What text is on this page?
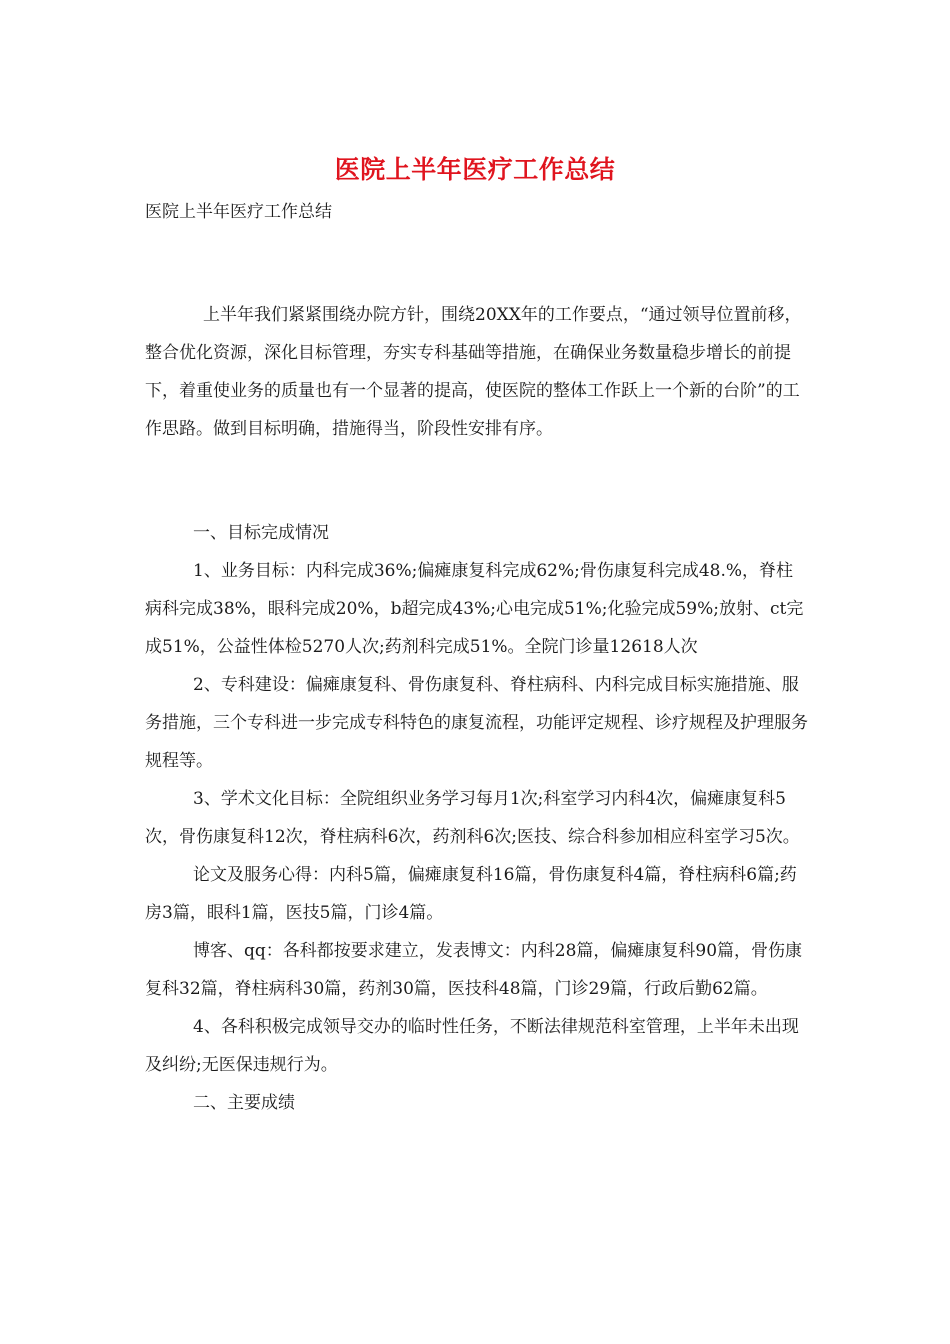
医院上半年医疗工作总结
医院上半年医疗工作总结

上半年我们紧紧围绕办院方针，围绕20XX年的工作要点，“通过领导位置前移，整合优化资源，深化目标管理，夯实专科基础等措施，在确保业务数量稳步增长的前提下，着重使业务的质量也有一个显著的提高，使医院的整体工作跃上一个新的台阶”的工作思路。做到目标明确，措施得当，阶段性安排有序。

一、目标完成情况

1、业务目标：内科完成36%;偏瘫康复科完成62%;骨伤康复科完成48.%，脊柱病科完成38%，眼科完成20%，b超完成43%;心电完成51%;化验完成59%;放射、ct完成51%，公益性体检5270人次;药剂科完成51%。全院门诊量12618人次

2、专科建设：偏瘫康复科、骨伤康复科、脊柱病科、内科完成目标实施措施、服务措施，三个专科进一步完成专科特色的康复流程，功能评定规程、诊疗规程及护理服务规程等。

3、学术文化目标：全院组织业务学习每月1次;科室学习内科4次，偏瘫康复科5次，骨伤康复科12次，脊柱病科6次，药剂科6次;医技、综合科参加相应科室学习5次。

论文及服务心得：内科5篇，偏瘫康复科16篇，骨伤康复科4篇，脊柱病科6篇;药房3篇，眼科1篇，医技5篇，门诊4篇。

博客、qq：各科都按要求建立，发表博文：内科28篇，偏瘫康复科90篇，骨伤康复科32篇，脊柱病科30篇，药剂30篇，医技科48篇，门诊29篇，行政后勤62篇。

4、各科积极完成领导交办的临时性任务，不断法律规范科室管理，上半年未出现及纠纷;无医保违规行为。

二、主要成绩
